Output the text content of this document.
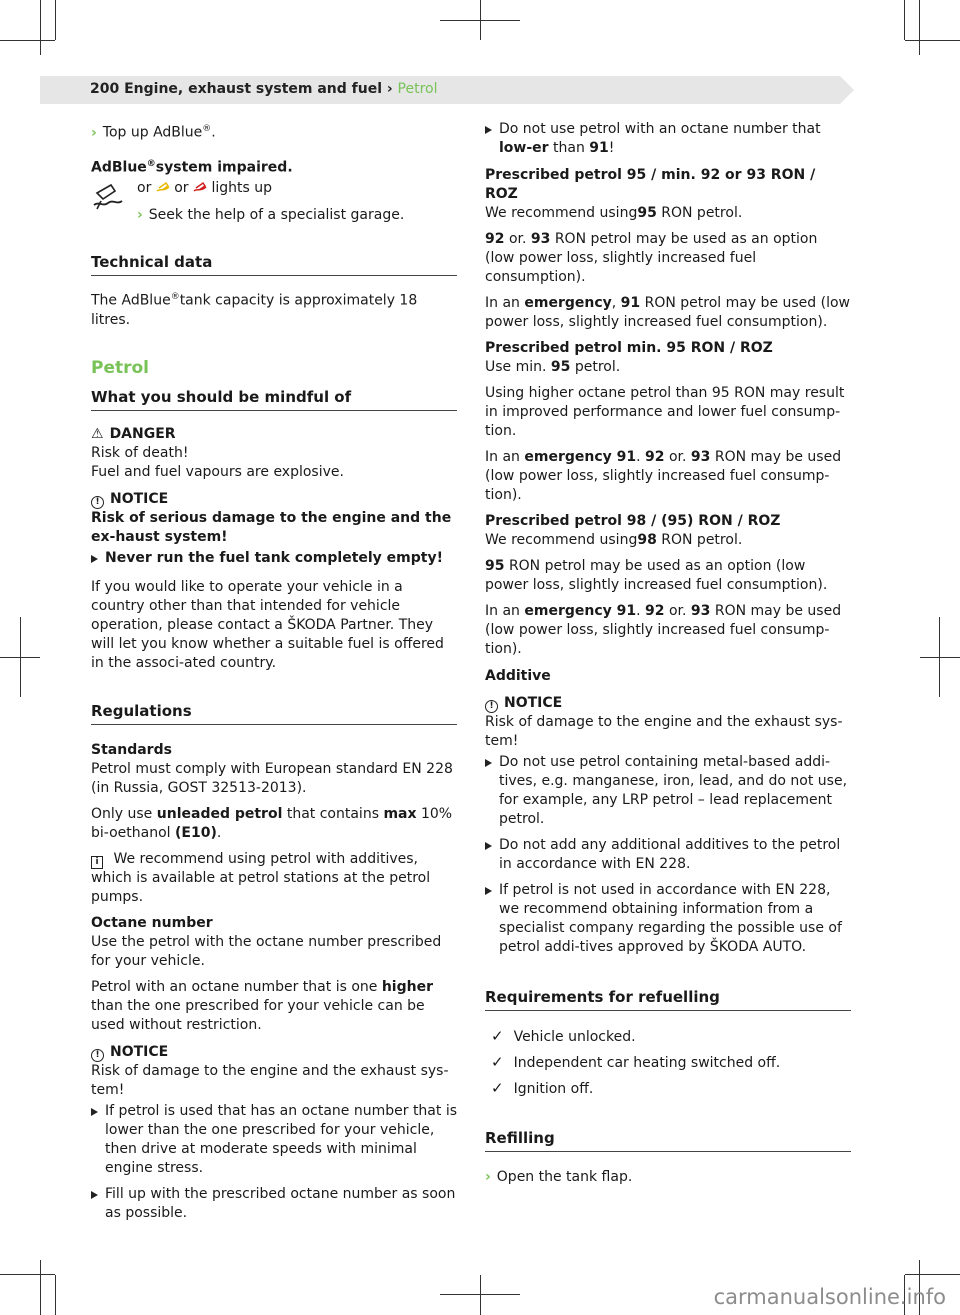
200 Engine, exhaust system and fuel › Petrol

› Top up AdBlue®.

AdBlue®system impaired.

or or lights up
› Seek the help of a specialist garage.
Technical data

The AdBlue®tank capacity is approximately 18 litres.

Petrol
What you should be mindful of

⚠ DANGER

Risk of death!

Fuel and fuel vapours are explosive.

! NOTICE

Risk of serious damage to the engine and the ex-haust system!

Never run the fuel tank completely empty!

If you would like to operate your vehicle in a country other than that intended for vehicle operation, please contact a ŠKODA Partner. They will let you know whether a suitable fuel is offered in the associ-ated country.

Regulations

Standards

Petrol must comply with European standard EN 228 (in Russia, GOST 32513-2013).

Only use unleaded petrol that contains max 10% bi-oethanol (E10).

i We recommend using petrol with additives, which is available at petrol stations at the petrol pumps.

Octane number

Use the petrol with the octane number prescribed for your vehicle.

Petrol with an octane number that is one higher than the one prescribed for your vehicle can be used without restriction.

! NOTICE

Risk of damage to the engine and the exhaust sys-tem!

If petrol is used that has an octane number that is lower than the one prescribed for your vehicle, then drive at moderate speeds with minimal engine stress.
Fill up with the prescribed octane number as soon as possible.
Do not use petrol with an octane number that low-er than 91!

Prescribed petrol 95 / min. 92 or 93 RON / ROZ

We recommend using95 RON petrol.

92 or. 93 RON petrol may be used as an option (low power loss, slightly increased fuel consumption).

In an emergency, 91 RON petrol may be used (low power loss, slightly increased fuel consumption).

Prescribed petrol min. 95 RON / ROZ

Use min. 95 petrol.

Using higher octane petrol than 95 RON may result in improved performance and lower fuel consump-tion.

In an emergency 91. 92 or. 93 RON may be used (low power loss, slightly increased fuel consump-tion).

Prescribed petrol 98 / (95) RON / ROZ

We recommend using98 RON petrol.

95 RON petrol may be used as an option (low power loss, slightly increased fuel consumption).

In an emergency 91. 92 or. 93 RON may be used (low power loss, slightly increased fuel consump-tion).

Additive

! NOTICE

Risk of damage to the engine and the exhaust sys-tem!

Do not use petrol containing metal-based addi-tives, e.g. manganese, iron, lead, and do not use, for example, any LRP petrol – lead replacement petrol.
Do not add any additional additives to the petrol in accordance with EN 228.
If petrol is not used in accordance with EN 228, we recommend obtaining information from a specialist company regarding the possible use of petrol addi-tives approved by ŠKODA AUTO.
Requirements for refuelling
✓ Vehicle unlocked.
✓ Independent car heating switched off.
✓ Ignition off.
Refilling

› Open the tank flap.

carmanualsonline.info
